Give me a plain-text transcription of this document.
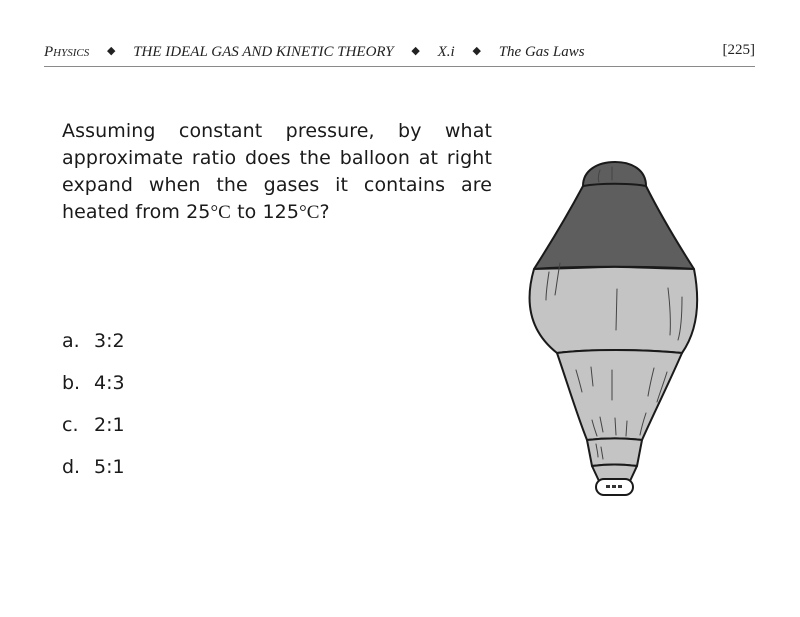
Physics ◆ THE IDEAL GAS AND KINETIC THEORY ◆ X.i ◆ The Gas Laws	[225]
Assuming constant pressure, by what approximate ratio does the balloon at right expand when the gases it contains are heated from 25°C to 125°C?
a. 3:2
b. 4:3
c. 2:1
d. 5:1
